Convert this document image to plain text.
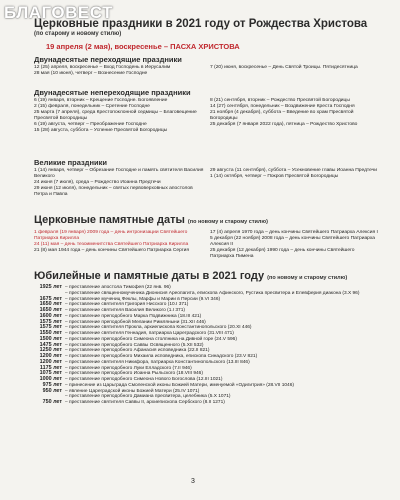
БЛАГОВЕСТ
Церковные праздники в 2021 году от Рождества Христова
(по старому и новому стилю)
19 апреля (2 мая), воскресенье – ПАСХА ХРИСТОВА
Двунадесятые переходящие праздники
12 (25) апреля, воскресенье – Вход Господень в Иерусалим
28 мая (10 июня), четверг – Вознесение Господне
7 (20) июня, воскресенье – День Святой Троицы. Пятидесятница
Двунадесятые непереходящие праздники
6 (19) января, вторник – Крещение Господне. Богоявление
2 (15) февраля, понедельник – Сретение Господне
25 марта (7 апреля), среда Крестопоклонной седмицы – Благовещение Пресвятой Богородицы
6 (19) августа, четверг – Преображение Господне
15 (28) августа, суббота – Успение Пресвятой Богородицы
8 (21) сентября, вторник – Рождество Пресвятой Богородицы
14 (27) сентября, понедельник – Воздвижение Креста Господня
21 ноября (4 декабря), суббота – Введение во храм Пресвятой Богородицы
25 декабря (7 января 2022 года), пятница – Рождество Христово
Великие праздники
1 (14) января, четверг – Обрезание Господне и память святителя Василия Великого
24 июня (7 июля), среда – Рождество Иоанна Предтечи
29 июня (12 июля), понедельник – святых первоверховных апостолов Петра и Павла
29 августа (11 сентября), суббота – Усекновение главы Иоанна Предтечи
1 (14) октября, четверг – Покров Пресвятой Богородицы
Церковные памятные даты (по новому и старому стилю)
1 февраля (19 января) 2009 года – день интронизации Святейшего Патриарха Кирилла
24 (11) мая – день тезоименитства Святейшего Патриарха Кирилла
21 (8) мая 1944 года – день кончины Святейшего Патриарха Сергия
17 (4) апреля 1970 года – день кончины Святейшего Патриарха Алексия I
5 декабря (22 ноября) 2008 года – день кончины Святейшего Патриарха Алексия II
25 декабря (12 декабря) 1990 года – день кончины Святейшего Патриарха Пимена
Юбилейные и памятные даты в 2021 году (по новому и старому стилю)
1925 лет – преставление апостола Тимофея (22 янв. 96)
– преставление священномученика Дионисия Ареопагита, епископа Афинского, Рустика пресвитера и Елевферия диакона (3.Х 96)
1675 лет – преставление мучениц Феклы, Марфы и Марии в Персии (9.VI 346)
1650 лет – преставление святителя Григория Нисского (10.I 371)
1650 лет – преставление святителя Василия Великого (1.I 371)
1600 лет – преставление преподобного Марка Подвижника (18.III 421)
1575 лет – преставление преподобной Мелании Римляныни (31.XII 446)
1575 лет – преставление святителя Прокла, архиепископа Константинопольского (20.XI 446)
1550 лет – преставление святителя Геннадия, патриарха Цареградского (31.VIII 471)
1500 лет – преставление преподобного Симеона столпника на Дивной горе (24.V 596)
1475 лет – преставление преподобного Саввы Освященного (5.XII 532)
1250 лет – преставление преподобного Афанасия исповедника (22.II 821)
1200 лет – преставление преподобного Михаила исповедника, епископа Синадского (23.V 821)
1200 лет – преставление святителя Никифора, патриарха Константинопольского (13.III 846)
1175 лет – преставление преподобного Луки Елладского (7.II 946)
1075 лет – преставление преподобного Иоанна Рыльского (18.VIII 946)
1000 лет – преставление преподобного Симеона Нового Богослова (12.III 1021)
975 лет – принесение из Царьграда Смоленской иконы Божией Матери, именуемой «Одигитрия» (28.VII 1046)
950 лет – явление Цареградской иконы Божией Матери (25.IV 1071)
– преставление преподобного Дамиана пресвитера, целебника (5.X 1071)
750 лет – преставление святителя Саввы II, архиепископа Сербского (8.II 1271)
3
